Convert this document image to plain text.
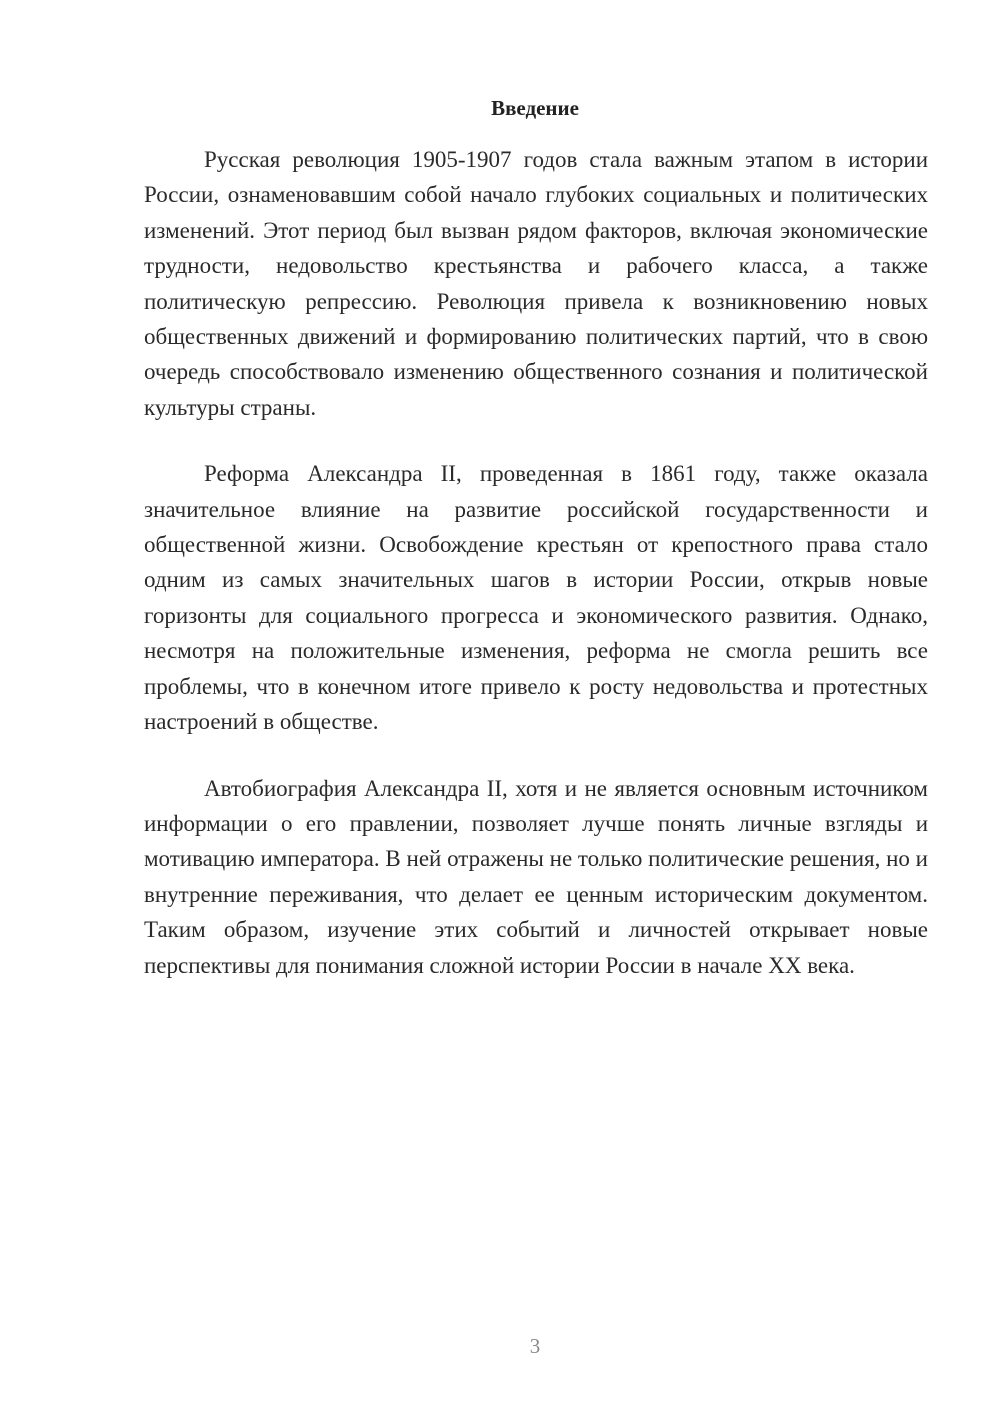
Введение

Русская революция 1905-1907 годов стала важным этапом в истории России, ознаменовавшим собой начало глубоких социальных и политических изменений. Этот период был вызван рядом факторов, включая экономические трудности, недовольство крестьянства и рабочего класса, а также политическую репрессию. Революция привела к возникновению новых общественных движений и формированию политических партий, что в свою очередь способствовало изменению общественного сознания и политической культуры страны.

Реформа Александра II, проведенная в 1861 году, также оказала значительное влияние на развитие российской государственности и общественной жизни. Освобождение крестьян от крепостного права стало одним из самых значительных шагов в истории России, открыв новые горизонты для социального прогресса и экономического развития. Однако, несмотря на положительные изменения, реформа не смогла решить все проблемы, что в конечном итоге привело к росту недовольства и протестных настроений в обществе.

Автобиография Александра II, хотя и не является основным источником информации о его правлении, позволяет лучше понять личные взгляды и мотивацию императора. В ней отражены не только политические решения, но и внутренние переживания, что делает ее ценным историческим документом. Таким образом, изучение этих событий и личностей открывает новые перспективы для понимания сложной истории России в начале XX века.

3
